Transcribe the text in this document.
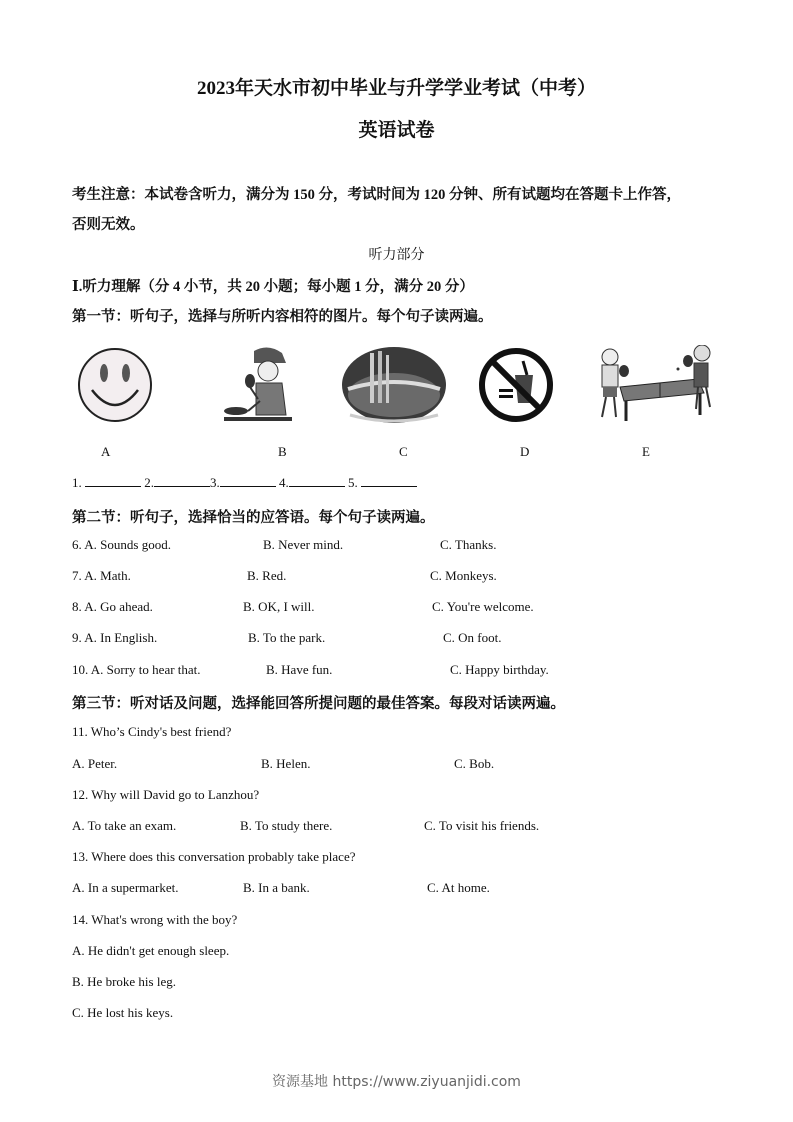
2023年天水市初中毕业与升学学业考试（中考）
英语试卷
考生注意：本试卷含听力，满分为 150 分，考试时间为 120 分钟、所有试题均在答题卡上作答，
否则无效。
听力部分
Ⅰ.听力理解（分 4 小节，共 20 小题；每小题 1 分，满分 20 分）
第一节：听句子，选择与所听内容相符的图片。每个句子读两遍。
A	B	C	D	E
1.	2.	3.	4.	5.
第二节：听句子，选择恰当的应答语。每个句子读两遍。
6. A. Sounds good.	B. Never mind.	C. Thanks.
7. A. Math.	B. Red.	C. Monkeys.
8. A. Go ahead.	B. OK, I will.	C. You're welcome.
9. A. In English.	B. To the park.	C. On foot.
10. A. Sorry to hear that.	B. Have fun.	C. Happy birthday.
第三节：听对话及问题，选择能回答所提问题的最佳答案。每段对话读两遍。
11. Who’s Cindy's best friend?
A. Peter.	B. Helen.	C. Bob.
12. Why will David go to Lanzhou?
A. To take an exam.	B. To study there.	C. To visit his friends.
13. Where does this conversation probably take place?
A. In a supermarket.	B. In a bank.	C. At home.
14. What's wrong with the boy?
A. He didn't get enough sleep.
B. He broke his leg.
C. He lost his keys.
资源基地 https://www.ziyuanjidi.com
